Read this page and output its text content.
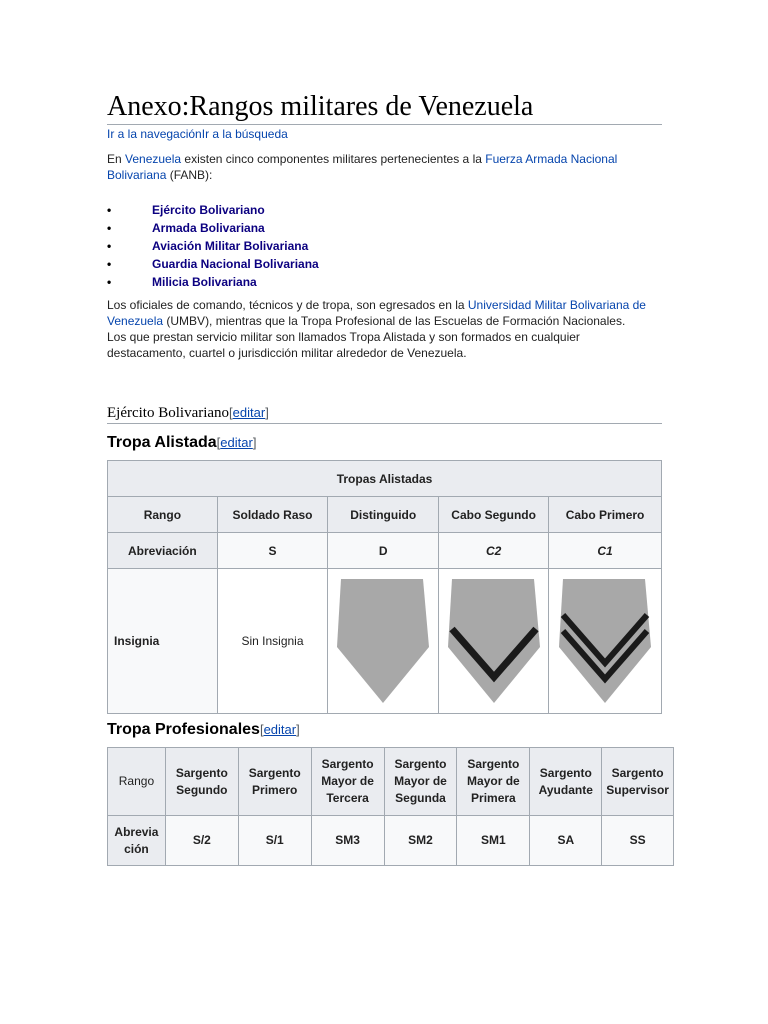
Anexo:Rangos militares de Venezuela
Ir a la navegaciónIr a la búsqueda

En Venezuela existen cinco componentes militares pertenecientes a la Fuerza Armada Nacional Bolivariana (FANB):

• Ejército Bolivariano
• Armada Bolivariana
• Aviación Militar Bolivariana
• Guardia Nacional Bolivariana
• Milicia Bolivariana

Los oficiales de comando, técnicos y de tropa, son egresados en la Universidad Militar Bolivariana de Venezuela (UMBV), mientras que la Tropa Profesional de las Escuelas de Formación Nacionales. Los que prestan servicio militar son llamados Tropa Alistada y son formados en cualquier destacamento, cuartel o jurisdicción militar alrededor de Venezuela.

Ejército Bolivariano[editar]
Tropa Alistada[editar]
Tropas Alistadas				
Rango	Soldado Raso	Distinguido	Cabo Segundo	Cabo Primero
Abreviación	S	D	C2	C1
Insignia	Sin Insignia	

Tropa Profesionales[editar]
Rango	Sargento Segundo	Sargento Primero	Sargento Mayor de Tercera	Sargento Mayor de Segunda	Sargento Mayor de Primera	Sargento Ayudante	Sargento Supervisor
Abreviación	S/2	S/1	SM3	SM2	SM1	SA	SS
